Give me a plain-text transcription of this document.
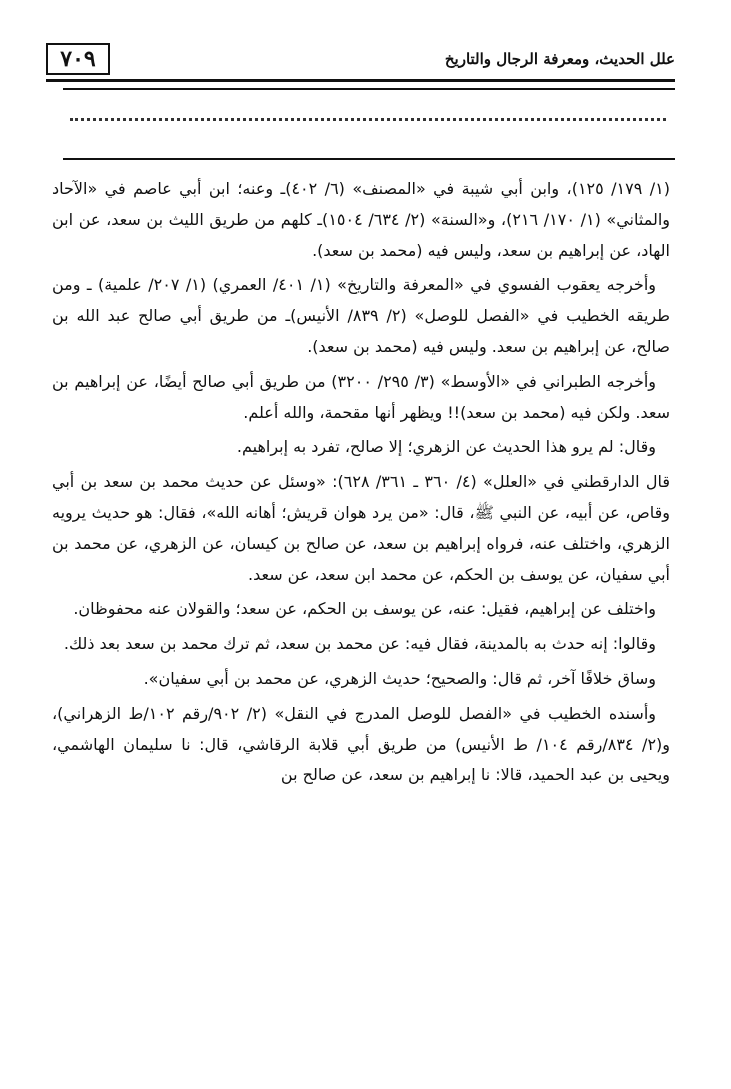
٧٠٩	علل الحديث، ومعرفة الرجال والتاريخ

(١/ ١٧٩/ ١٢٥)، وابن أبي شيبة في «المصنف» (٦/ ٤٠٢)ـ وعنه؛ ابن أبي عاصم في «الآحاد والمثاني» (١/ ١٧٠/ ٢١٦)، و«السنة» (٢/ ٦٣٤/ ١٥٠٤)ـ كلهم من طريق الليث بن سعد، عن ابن الهاد، عن إبراهيم بن سعد، وليس فيه (محمد بن سعد).

وأخرجه يعقوب الفسوي في «المعرفة والتاريخ» (١/ ٤٠١/ العمري) (١/ ٢٠٧/ علمية) ـ ومن طريقه الخطيب في «الفصل للوصل» (٢/ ٨٣٩/ الأنيس)ـ من طريق أبي صالح عبد الله بن صالح، عن إبراهيم بن سعد. وليس فيه (محمد بن سعد).

وأخرجه الطبراني في «الأوسط» (٣/ ٢٩٥/ ٣٢٠٠) من طريق أبي صالح أيضًا، عن إبراهيم بن سعد. ولكن فيه (محمد بن سعد)!! ويظهر أنها مقحمة، والله أعلم.

وقال: لم يرو هذا الحديث عن الزهري؛ إلا صالح، تفرد به إبراهيم.

قال الدارقطني في «العلل» (٤/ ٣٦٠ ـ ٣٦١/ ٦٢٨): «وسئل عن حديث محمد بن سعد بن أبي وقاص، عن أبيه، عن النبي ﷺ، قال: «من يرد هوان قريش؛ أهانه الله»، فقال: هو حديث يرويه الزهري، واختلف عنه، فرواه إبراهيم بن سعد، عن صالح بن كيسان، عن الزهري، عن محمد بن أبي سفيان، عن يوسف بن الحكم، عن محمد ابن سعد، عن سعد.

واختلف عن إبراهيم، فقيل: عنه، عن يوسف بن الحكم، عن سعد؛ والقولان عنه محفوظان.

وقالوا: إنه حدث به بالمدينة، فقال فيه: عن محمد بن سعد، ثم ترك محمد بن سعد بعد ذلك.

وساق خلافًا آخر، ثم قال: والصحيح؛ حديث الزهري، عن محمد بن أبي سفيان».

وأسنده الخطيب في «الفصل للوصل المدرج في النقل» (٢/ ٩٠٢/رقم ١٠٢/ط الزهراني)، و(٢/ ٨٣٤/رقم ١٠٤/ ط الأنيس) من طريق أبي قلابة الرقاشي، قال: نا سليمان الهاشمي، ويحيى بن عبد الحميد، قالا: نا إبراهيم بن سعد، عن صالح بن
